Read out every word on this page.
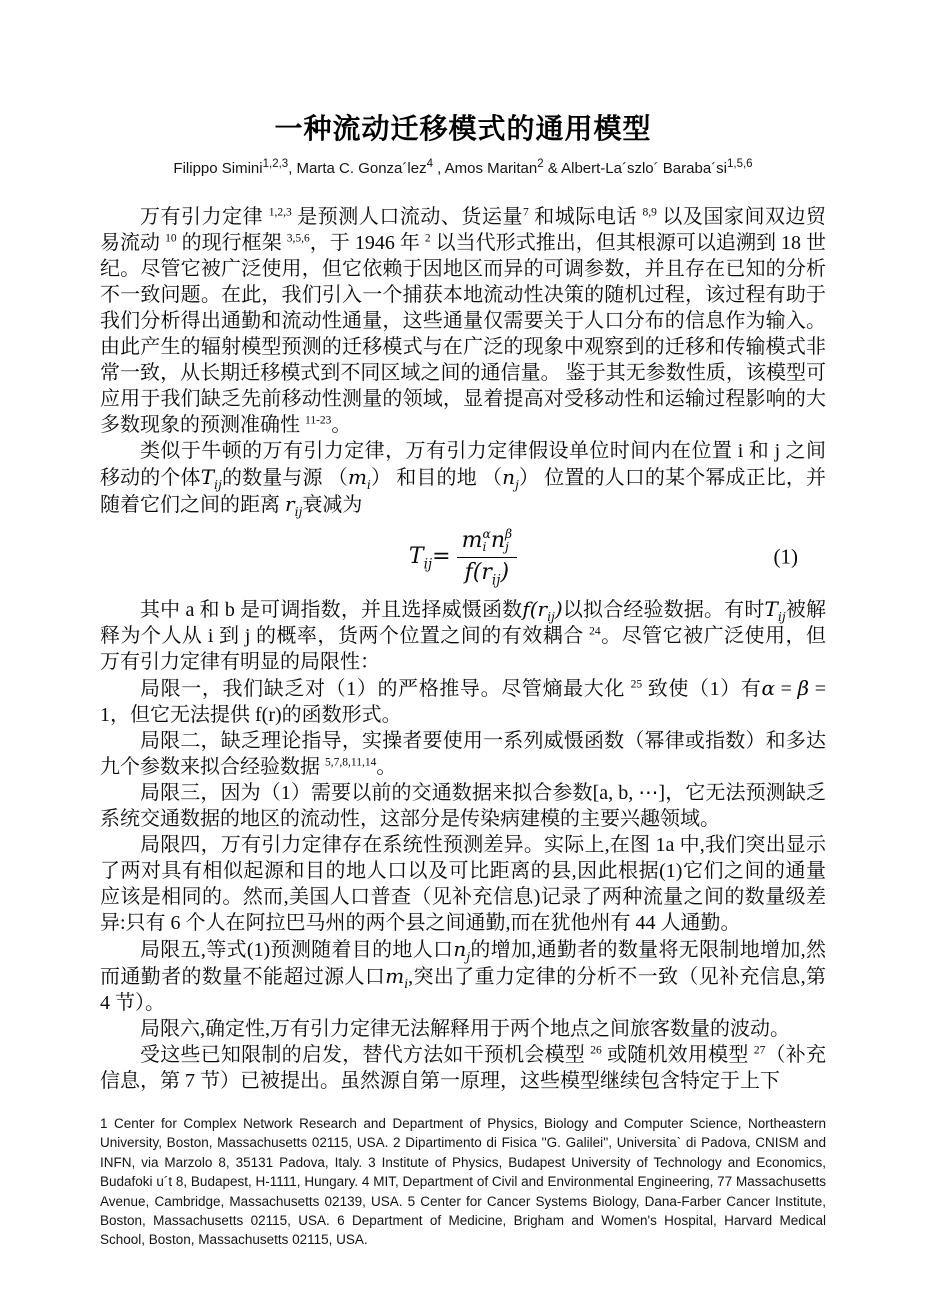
一种流动迁移模式的通用模型
Filippo Simini$^{1,2,3}$, Marta C. Gonza´lez$^4$ , Amos Maritan$^2$ & Albert-La´szlo´ Baraba´si$^{1,5,6}$

万有引力定律 $^{1,2,3}$ 是预测人口流动、货运量$^7$ 和城际电话 $^{8,9}$ 以及国家间双边贸易流动 $^{10}$ 的现行框架 $^{3,5,6}$，于 1946 年 $^2$ 以当代形式推出，但其根源可以追溯到 18 世纪。尽管它被广泛使用，但它依赖于因地区而异的可调参数，并且存在已知的分析不一致问题。在此，我们引入一个捕获本地流动性决策的随机过程，该过程有助于我们分析得出通勤和流动性通量，这些通量仅需要关于人口分布的信息作为输入。由此产生的辐射模型预测的迁移模式与在广泛的现象中观察到的迁移和传输模式非常一致，从长期迁移模式到不同区域之间的通信量。 鉴于其无参数性质，该模型可应用于我们缺乏先前移动性测量的领域，显着提高对受移动性和运输过程影响的大多数现象的预测准确性 $^{11-23}$。

类似于牛顿的万有引力定律，万有引力定律假设单位时间内在位置 i 和 j 之间移动的个体$T_{ij}$的数量与源 $(m_i)$ 和目的地 $(n_j)$ 位置的人口的某个幂成正比，并随着它们之间的距离 $r_{ij}$衰减为

$T_{ij} = m$ α
i n β
j
$f(r_{ij})$	(1)

其中 a 和 b 是可调指数，并且选择威慑函数$f(r_{ij})$以拟合经验数据。有时$T_{ij}$被解释为个人从 i 到 j 的概率，货两个位置之间的有效耦合 $^{24}$。尽管它被广泛使用，但万有引力定律有明显的局限性：

局限一，我们缺乏对（1）的严格推导。尽管熵最大化 $^{25}$ 致使（1）有α = β = 1，但它无法提供 f(r)的函数形式。

局限二，缺乏理论指导，实操者要使用一系列威慑函数（幂律或指数）和多达九个参数来拟合经验数据 $^{5,7,8,11,14}$。

局限三，因为（1）需要以前的交通数据来拟合参数[a, b, ⋯]，它无法预测缺乏系统交通数据的地区的流动性，这部分是传染病建模的主要兴趣领域。

局限四，万有引力定律存在系统性预测差异。实际上,在图 1a 中,我们突出显示了两对具有相似起源和目的地人口以及可比距离的县,因此根据(1)它们之间的通量应该是相同的。然而,美国人口普查（见补充信息)记录了两种流量之间的数量级差异:只有 6 个人在阿拉巴马州的两个县之间通勤,而在犹他州有 44 人通勤。

局限五,等式(1)预测随着目的地人口$n_j$的增加,通勤者的数量将无限制地增加,然而通勤者的数量不能超过源人口$m_i$,突出了重力定律的分析不一致（见补充信息,第 4 节）。

局限六,确定性,万有引力定律无法解释用于两个地点之间旅客数量的波动。

受这些已知限制的启发，替代方法如干预机会模型 $^{26}$ 或随机效用模型 $^{27}$（补充信息，第 7 节）已被提出。虽然源自第一原理，这些模型继续包含特定于上下

1 Center for Complex Network Research and Department of Physics, Biology and Computer Science, Northeastern University, Boston, Massachusetts 02115, USA. 2 Dipartimento di Fisica ''G. Galilei'', Universita` di Padova, CNISM and INFN, via Marzolo 8, 35131 Padova, Italy. 3 Institute of Physics, Budapest University of Technology and Economics, Budafoki u´t 8, Budapest, H-1111, Hungary. 4 MIT, Department of Civil and Environmental Engineering, 77 Massachusetts Avenue, Cambridge, Massachusetts 02139, USA. 5 Center for Cancer Systems Biology, Dana-Farber Cancer Institute, Boston, Massachusetts 02115, USA. 6 Department of Medicine, Brigham and Women's Hospital, Harvard Medical School, Boston, Massachusetts 02115, USA.
